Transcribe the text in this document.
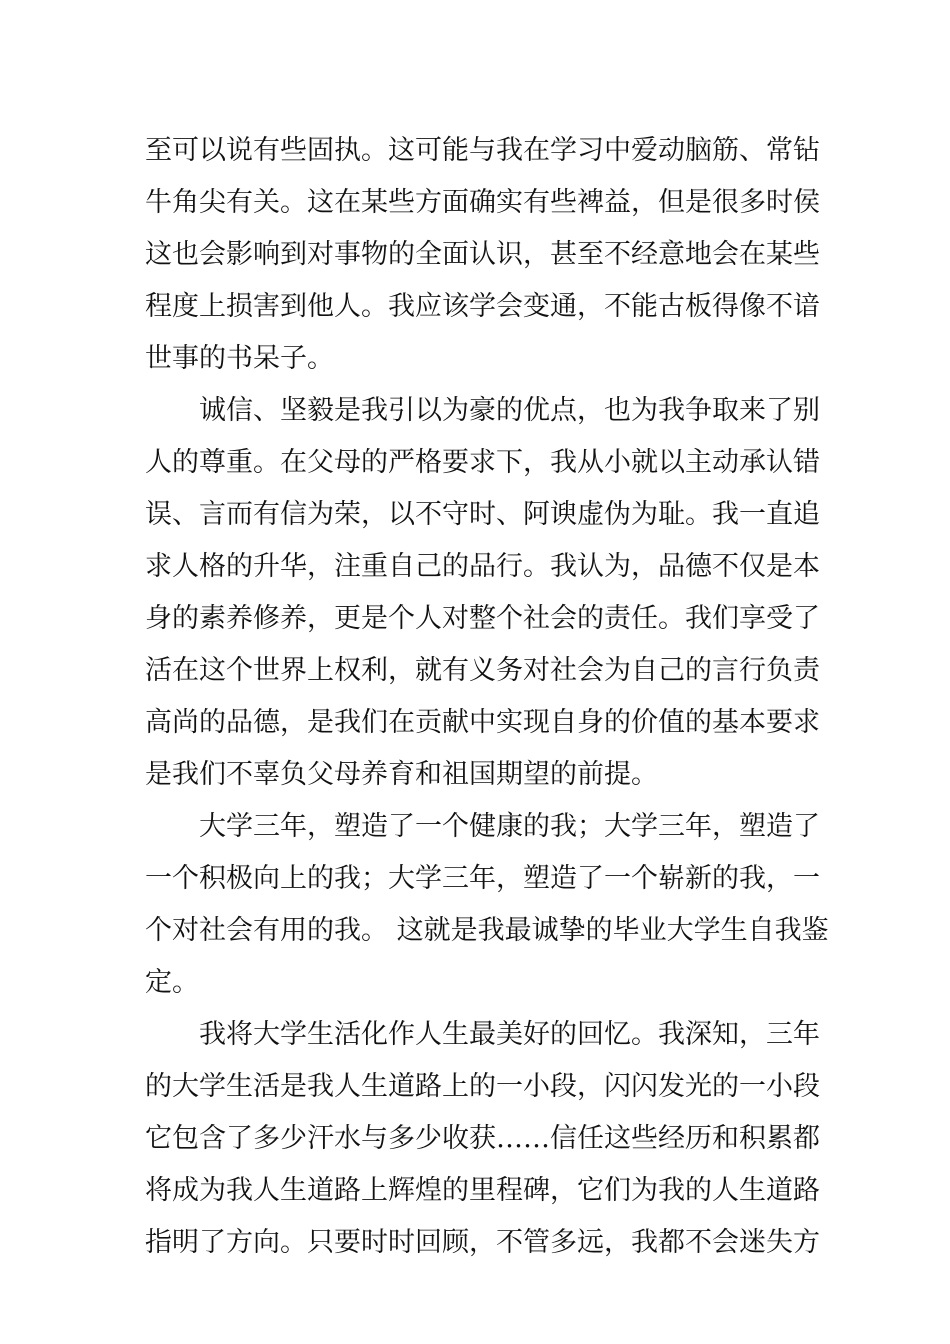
至可以说有些固执。这可能与我在学习中爱动脑筋、常钻
牛角尖有关。这在某些方面确实有些裨益，但是很多时侯
这也会影响到对事物的全面认识，甚至不经意地会在某些
程度上损害到他人。我应该学会变通，不能古板得像不谙
世事的书呆子。
诚信、坚毅是我引以为豪的优点，也为我争取来了别
人的尊重。在父母的严格要求下，我从小就以主动承认错
误、言而有信为荣，以不守时、阿谀虚伪为耻。我一直追
求人格的升华，注重自己的品行。我认为，品德不仅是本
身的素养修养，更是个人对整个社会的责任。我们享受了
活在这个世界上权利，就有义务对社会为自己的言行负责
高尚的品德，是我们在贡献中实现自身的价值的基本要求
是我们不辜负父母养育和祖国期望的前提。
大学三年，塑造了一个健康的我；大学三年，塑造了
一个积极向上的我；大学三年，塑造了一个崭新的我，一
个对社会有用的我。 这就是我最诚挚的毕业大学生自我鉴
定。
我将大学生活化作人生最美好的回忆。我深知，三年
的大学生活是我人生道路上的一小段，闪闪发光的一小段
它包含了多少汗水与多少收获……信任这些经历和积累都
将成为我人生道路上辉煌的里程碑，它们为我的人生道路
指明了方向。只要时时回顾，不管多远，我都不会迷失方
